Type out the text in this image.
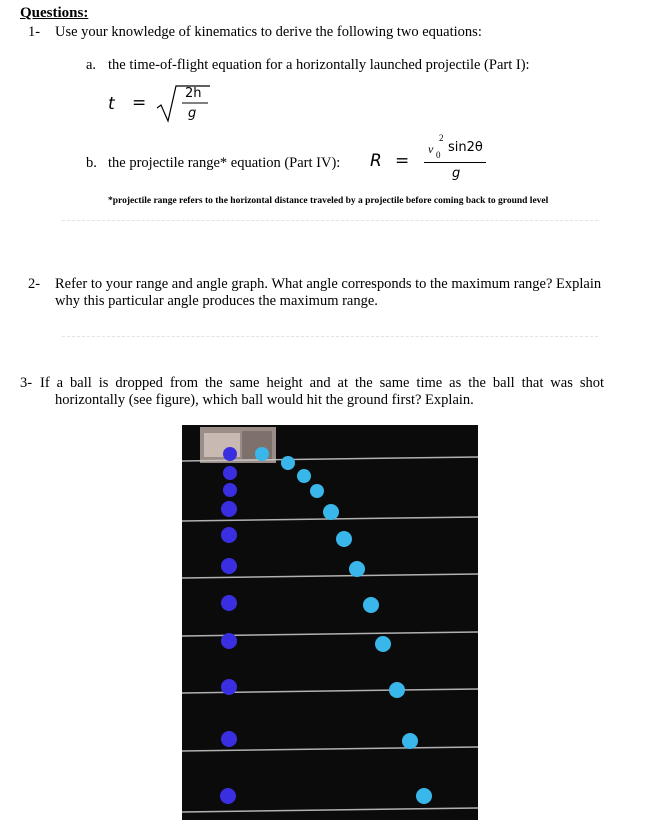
Questions:
1- Use your knowledge of kinematics to derive the following two equations:
a. the time-of-flight equation for a horizontally launched projectile (Part I):
t =	2h
g
b. the projectile range* equation (Part IV): R =
v
2
0 sin2θ
g
*projectile range refers to the horizontal distance traveled by a projectile before coming back to ground level
2- Refer to your range and angle graph. What angle corresponds to the maximum range? Explain
why this particular angle produces the maximum range.
3- If a ball is dropped from the same height and at the same time as the ball that was shot
horizontally (see figure), which ball would hit the ground first? Explain.
